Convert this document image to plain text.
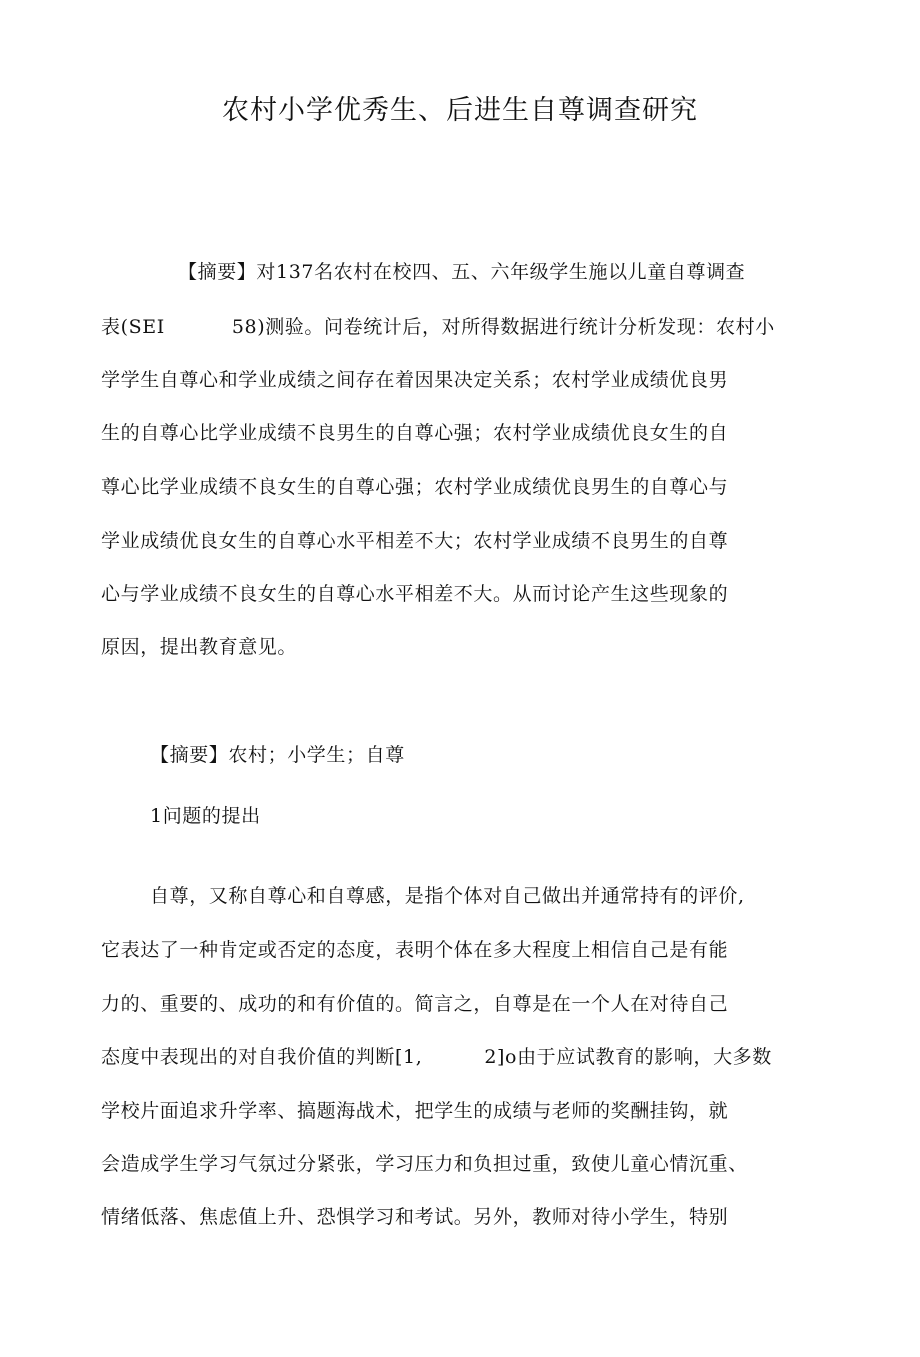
农村小学优秀生、后进生自尊调查研究
【摘要】对137名农村在校四、五、六年级学生施以儿童自尊调查
表(SEI	58)测验。问卷统计后，对所得数据进行统计分析发现：农村小
学学生自尊心和学业成绩之间存在着因果决定关系；农村学业成绩优良男
生的自尊心比学业成绩不良男生的自尊心强；农村学业成绩优良女生的自
尊心比学业成绩不良女生的自尊心强；农村学业成绩优良男生的自尊心与
学业成绩优良女生的自尊心水平相差不大；农村学业成绩不良男生的自尊
心与学业成绩不良女生的自尊心水平相差不大。从而讨论产生这些现象的
原因，提出教育意见。
【摘要】农村；小学生；自尊
1问题的提出
自尊，又称自尊心和自尊感，是指个体对自己做出并通常持有的评价,
它表达了一种肯定或否定的态度，表明个体在多大程度上相信自己是有能
力的、重要的、成功的和有价值的。简言之，自尊是在一个人在对待自己
态度中表现出的对自我价值的判断[1,	2]o由于应试教育的影响，大多数
学校片面追求升学率、搞题海战术，把学生的成绩与老师的奖酬挂钩，就
会造成学生学习气氛过分紧张，学习压力和负担过重，致使儿童心情沉重、
情绪低落、焦虑值上升、恐惧学习和考试。另外，教师对待小学生，特别
